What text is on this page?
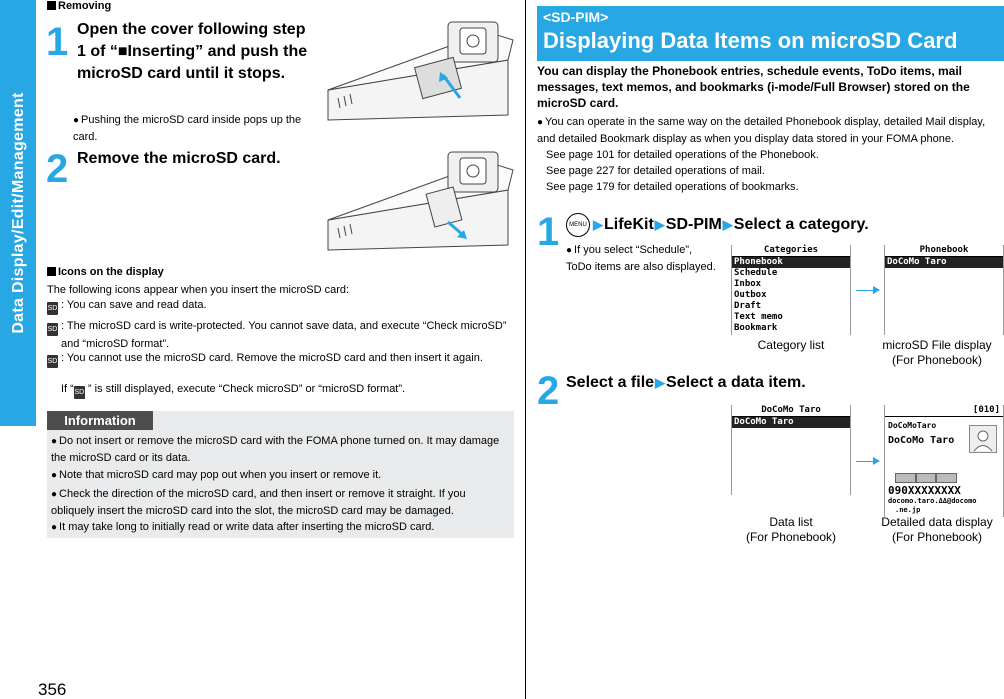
Data Display/Edit/Management
356
Removing
1 Open the cover following step 1 of “■Inserting” and push the microSD card until it stops.
● Pushing the microSD card inside pops up the card.
2 Remove the microSD card.
Icons on the display
The following icons appear when you insert the microSD card:
SD : You can save and read data.
SD : The microSD card is write-protected. You cannot save data, and execute “Check microSD” and “microSD format”.
SD : You cannot use the microSD card. Remove the microSD card and then insert it again.
If “SD ” is still displayed, execute “Check microSD” or “microSD format”.
Information
● Do not insert or remove the microSD card with the FOMA phone turned on. It may damage the microSD card or its data.
● Note that microSD card may pop out when you insert or remove it.
● Check the direction of the microSD card, and then insert or remove it straight. If you obliquely insert the microSD card into the slot, the microSD card may be damaged.
● It may take long to initially read or write data after inserting the microSD card.
<SD-PIM>
Displaying Data Items on microSD Card
You can display the Phonebook entries, schedule events, ToDo items, mail messages, text memos, and bookmarks (i-mode/Full Browser) stored on the microSD card.
● You can operate in the same way on the detailed Phonebook display, detailed Mail display, and detailed Bookmark display as when you display data stored in your FOMA phone.
See page 101 for detailed operations of the Phonebook.
See page 227 for detailed operations of mail.
See page 179 for detailed operations of bookmarks.
1	MENU ▶LifeKit▶SD-PIM▶Select a category.
● If you select “Schedule”, ToDo items are also displayed.
Categories
Phonebook
Schedule
Inbox
Outbox
Draft
Text memo
Bookmark
Phonebook
DoCoMo Taro
Category list	microSD File display
(For Phonebook)
2 Select a file▶Select a data item.
DoCoMo Taro
DoCoMo Taro
[010]
DoCoMoTaro
DoCoMo Taro
090XXXXXXXX
docomo.taro.ΔΔ@docomo
.ne.jp
Data list
(For Phonebook)
Detailed data display
(For Phonebook)
